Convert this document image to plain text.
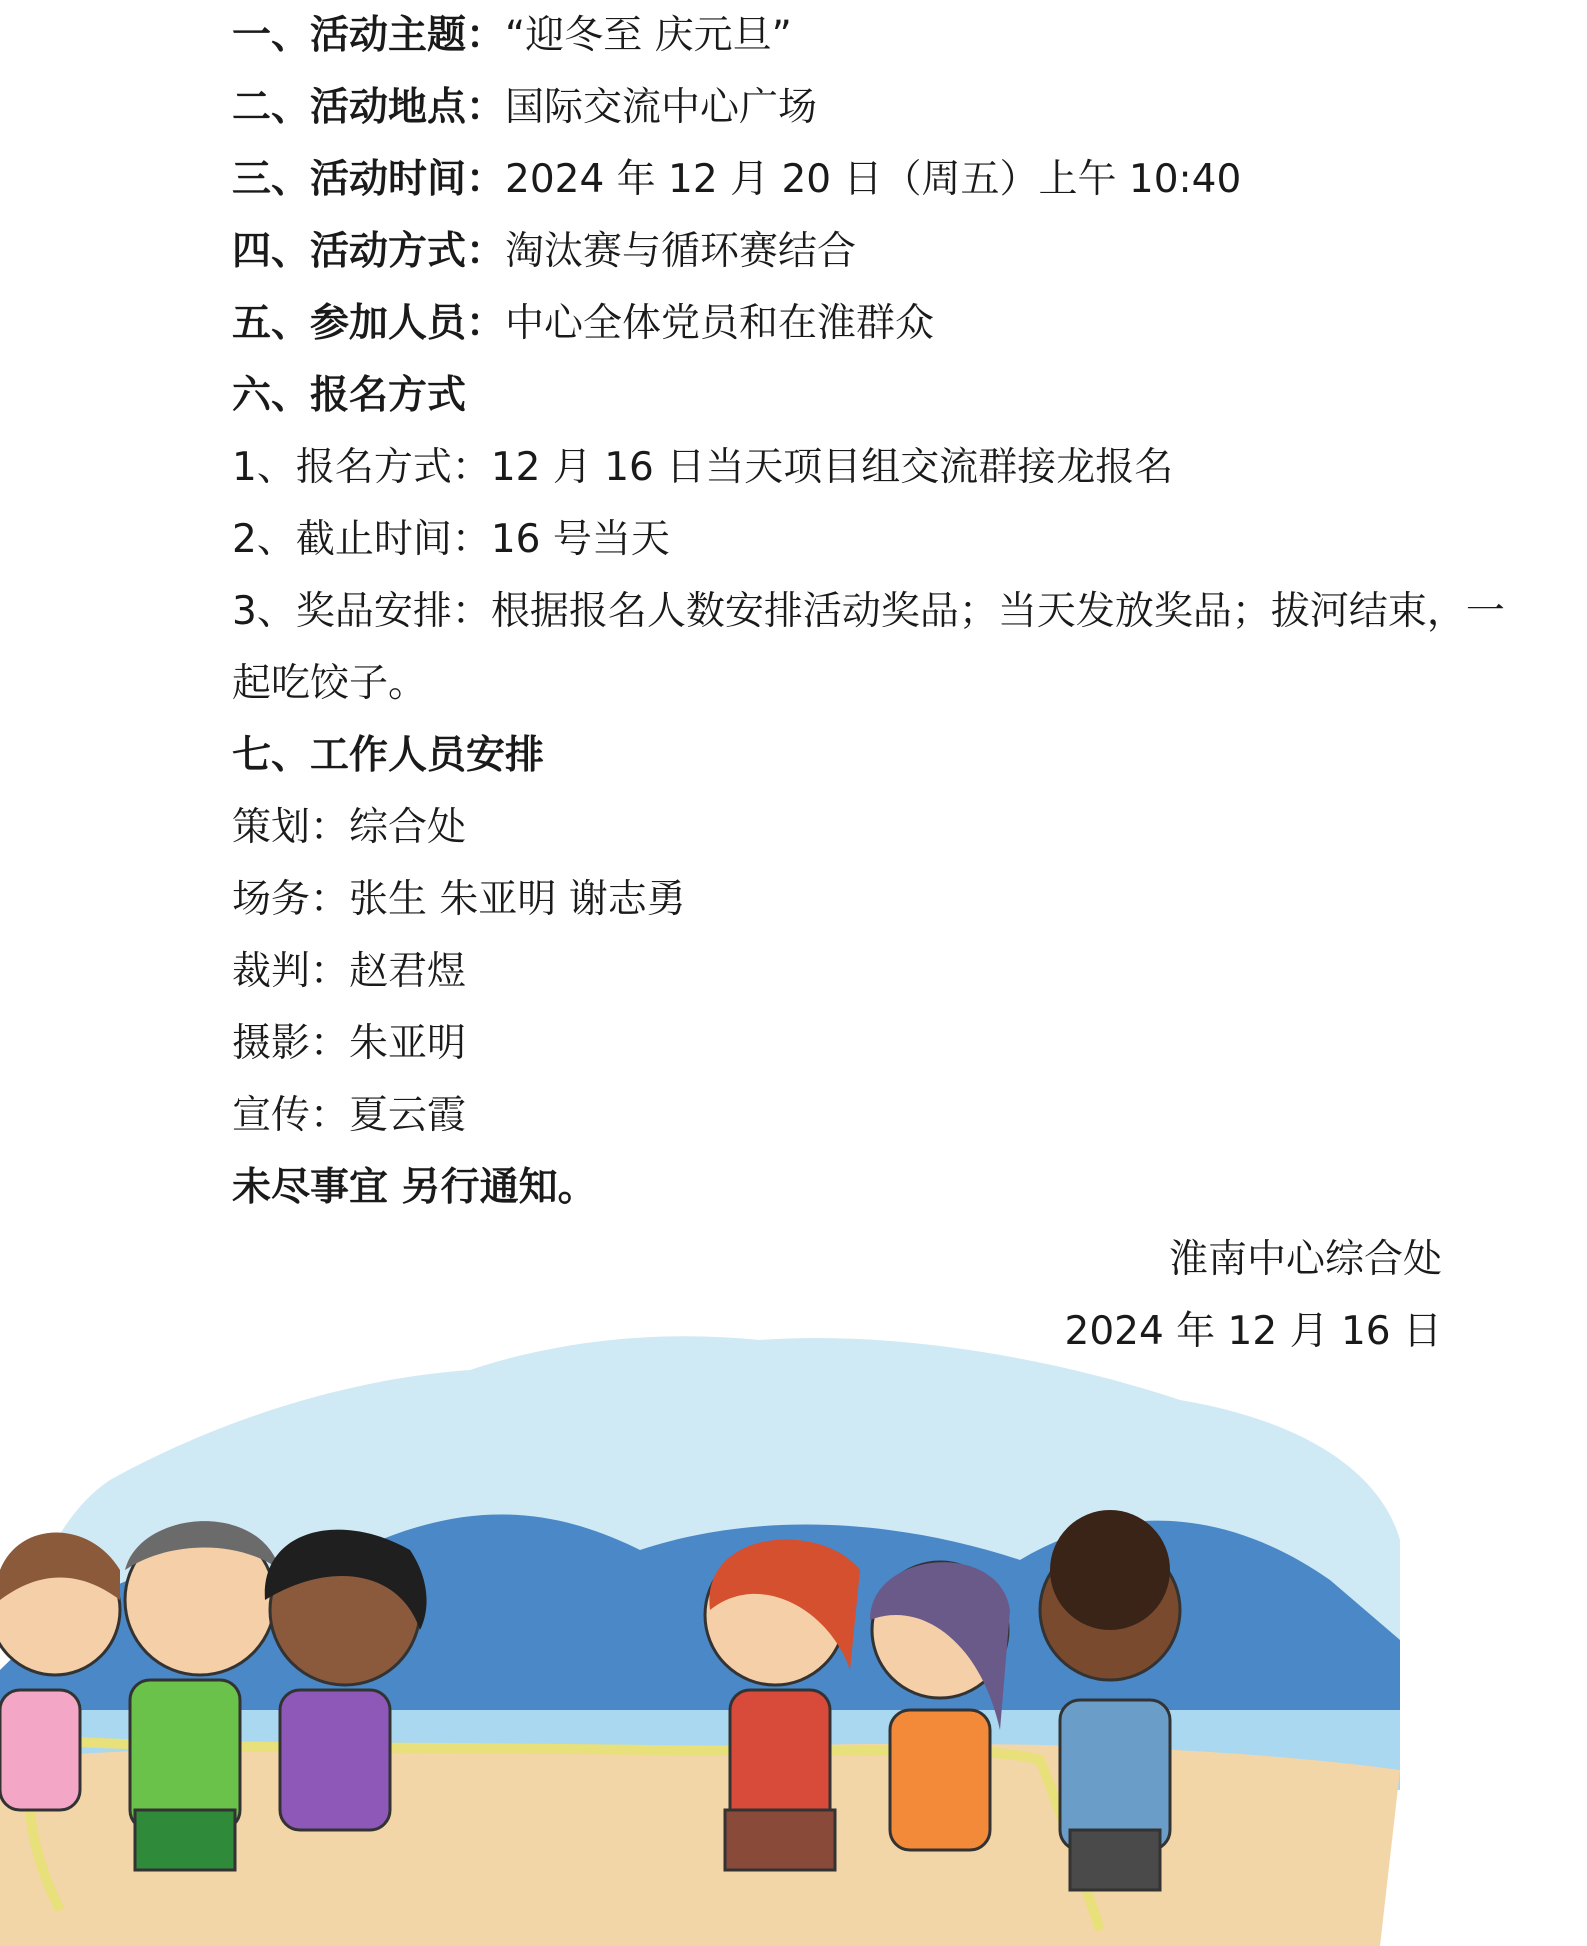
一、活动主题：“迎冬至 庆元旦”
二、活动地点：国际交流中心广场
三、活动时间：2024 年 12 月 20 日（周五）上午 10:40
四、活动方式：淘汰赛与循环赛结合
五、参加人员：中心全体党员和在淮群众
六、报名方式
1、报名方式：12 月 16 日当天项目组交流群接龙报名
2、截止时间：16 号当天
3、奖品安排：根据报名人数安排活动奖品；当天发放奖品；拔河结束，一
起吃饺子。
七、工作人员安排
策划：综合处
场务：张生 朱亚明 谢志勇
裁判：赵君煜
摄影：朱亚明
宣传：夏云霞
未尽事宜 另行通知。
淮南中心综合处
2024 年 12 月 16 日
